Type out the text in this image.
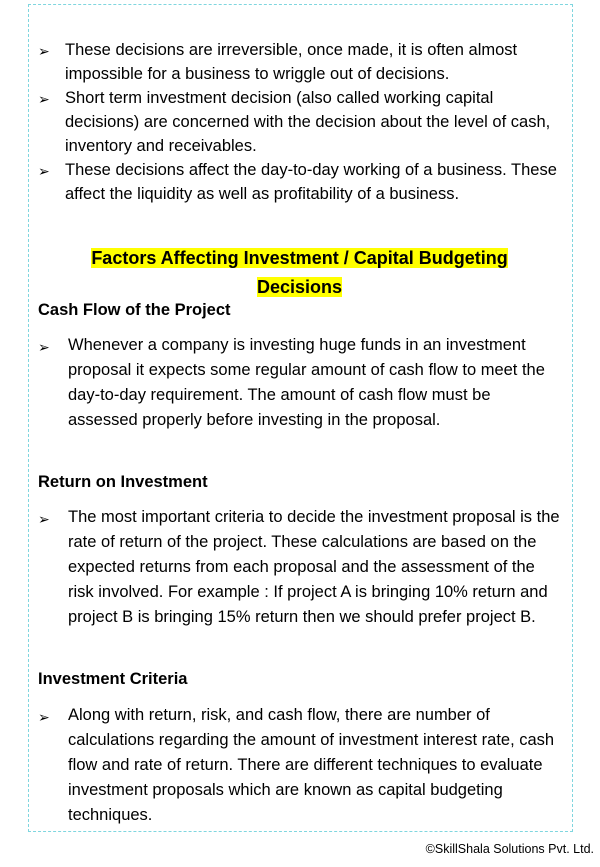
➢ These decisions are irreversible, once made, it is often almost impossible for a business to wriggle out of decisions.
➢ Short term investment decision (also called working capital decisions) are concerned with the decision about the level of cash, inventory and receivables.
➢ These decisions affect the day-to-day working of a business. These affect the liquidity as well as profitability of a business.
Factors Affecting Investment / Capital Budgeting
Decisions
Cash Flow of the Project
➢ Whenever a company is investing huge funds in an investment proposal it expects some regular amount of cash flow to meet the day-to-day requirement. The amount of cash flow must be assessed properly before investing in the proposal.
Return on Investment
➢ The most important criteria to decide the investment proposal is the rate of return of the project. These calculations are based on the expected returns from each proposal and the assessment of the risk involved. For example : If project A is bringing 10% return and project B is bringing 15% return then we should prefer project B.
Investment Criteria
➢ Along with return, risk, and cash flow, there are number of calculations regarding the amount of investment interest rate, cash flow and rate of return. There are different techniques to evaluate investment proposals which are known as capital budgeting techniques.
©SkillShala Solutions Pvt. Ltd.
